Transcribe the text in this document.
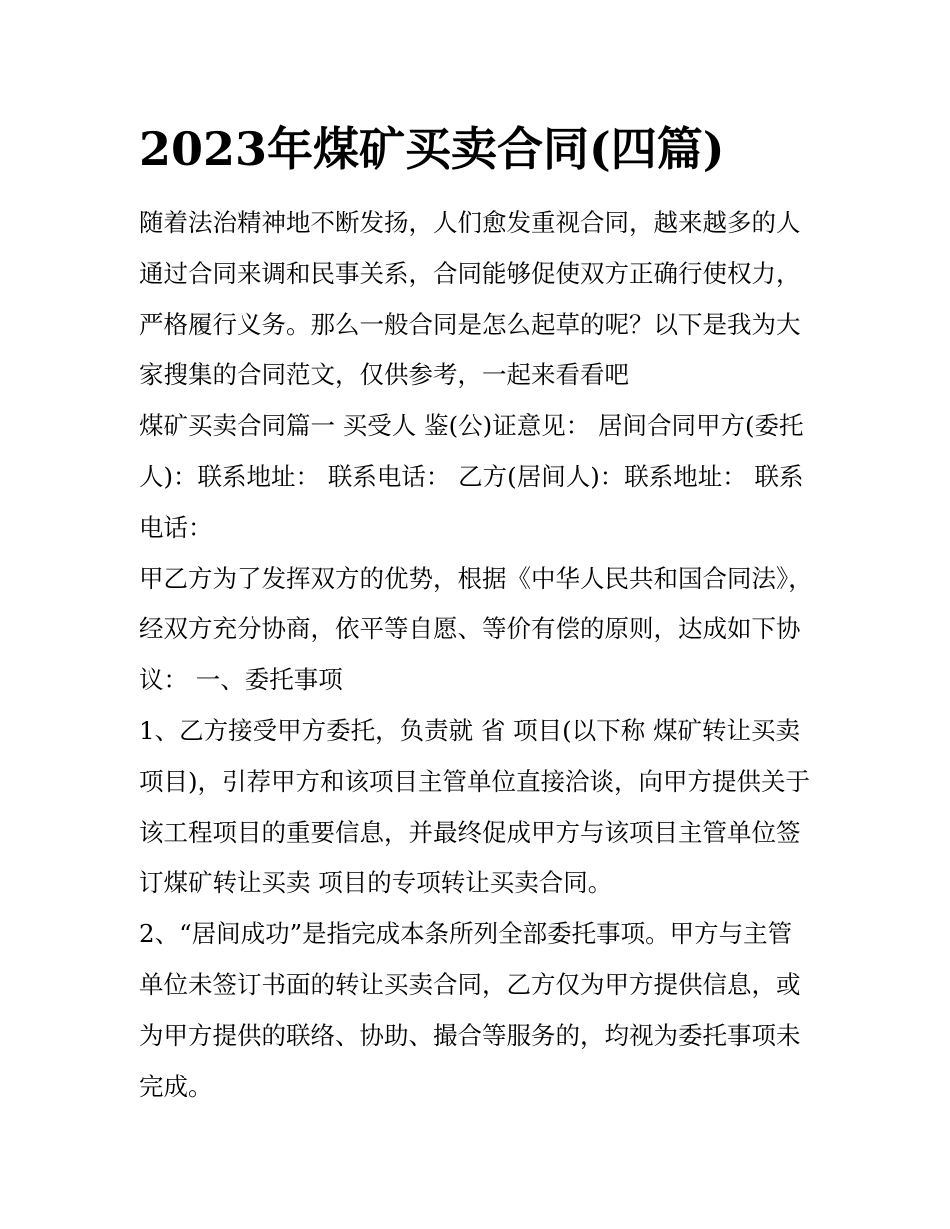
2023年煤矿买卖合同(四篇)

随着法治精神地不断发扬，人们愈发重视合同，越来越多的人通过合同来调和民事关系，合同能够促使双方正确行使权力，严格履行义务。那么一般合同是怎么起草的呢？以下是我为大家搜集的合同范文，仅供参考，一起来看看吧

煤矿买卖合同篇一 买受人 鉴(公)证意见： 居间合同甲方(委托人)：联系地址： 联系电话： 乙方(居间人)：联系地址： 联系电话：

甲乙方为了发挥双方的优势，根据《中华人民共和国合同法》，经双方充分协商，依平等自愿、等价有偿的原则，达成如下协议： 一、委托事项

1、乙方接受甲方委托，负责就 省 项目(以下称 煤矿转让买卖项目)，引荐甲方和该项目主管单位直接洽谈，向甲方提供关于该工程项目的重要信息，并最终促成甲方与该项目主管单位签订煤矿转让买卖 项目的专项转让买卖合同。

2、“居间成功”是指完成本条所列全部委托事项。甲方与主管单位未签订书面的转让买卖合同，乙方仅为甲方提供信息，或为甲方提供的联络、协助、撮合等服务的，均视为委托事项未完成。
